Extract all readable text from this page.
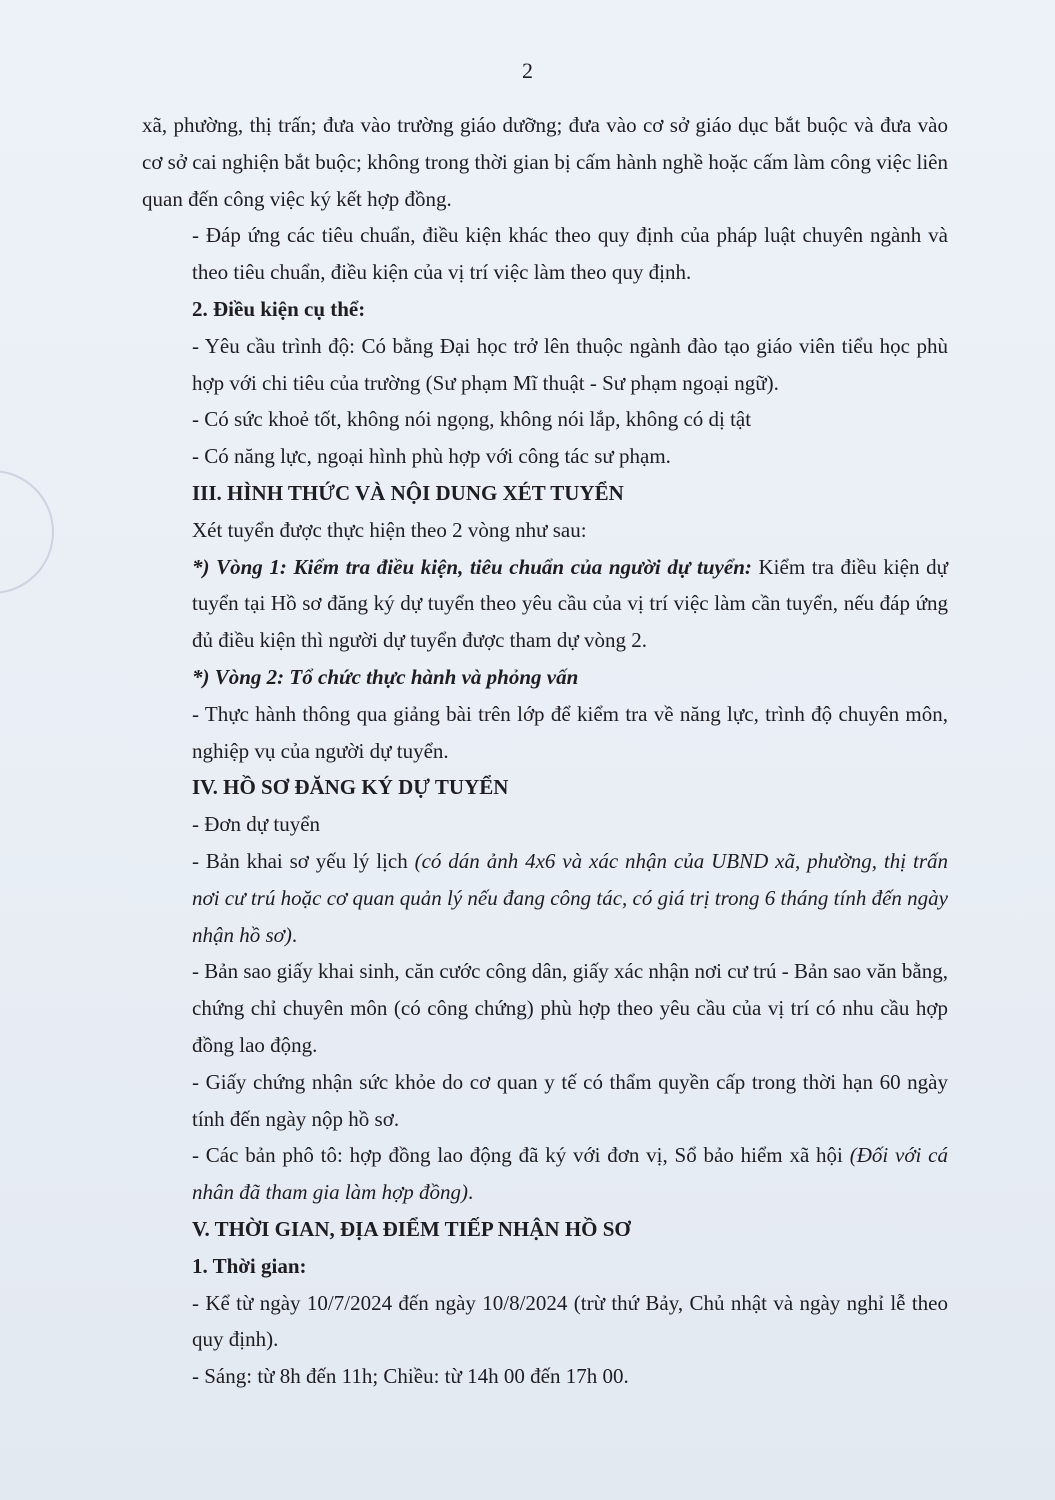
2

xã, phường, thị trấn; đưa vào trường giáo dưỡng; đưa vào cơ sở giáo dục bắt buộc và đưa vào cơ sở cai nghiện bắt buộc; không trong thời gian bị cấm hành nghề hoặc cấm làm công việc liên quan đến công việc ký kết hợp đồng.

- Đáp ứng các tiêu chuẩn, điều kiện khác theo quy định của pháp luật chuyên ngành và theo tiêu chuẩn, điều kiện của vị trí việc làm theo quy định.

2. Điều kiện cụ thể:

- Yêu cầu trình độ: Có bằng Đại học trở lên thuộc ngành đào tạo giáo viên tiểu học phù hợp với chi tiêu của trường (Sư phạm Mĩ thuật - Sư phạm ngoại ngữ).

- Có sức khoẻ tốt, không nói ngọng, không nói lắp, không có dị tật

- Có năng lực, ngoại hình phù hợp với công tác sư phạm.

III. HÌNH THỨC VÀ NỘI DUNG XÉT TUYỂN

Xét tuyển được thực hiện theo 2 vòng như sau:

*) Vòng 1: Kiểm tra điều kiện, tiêu chuẩn của người dự tuyển: Kiểm tra điều kiện dự tuyển tại Hồ sơ đăng ký dự tuyển theo yêu cầu của vị trí việc làm cần tuyển, nếu đáp ứng đủ điều kiện thì người dự tuyển được tham dự vòng 2.

*) Vòng 2: Tổ chức thực hành và phỏng vấn

- Thực hành thông qua giảng bài trên lớp để kiểm tra về năng lực, trình độ chuyên môn, nghiệp vụ của người dự tuyển.

IV. HỒ SƠ ĐĂNG KÝ DỰ TUYỂN

- Đơn dự tuyển

- Bản khai sơ yếu lý lịch (có dán ảnh 4x6 và xác nhận của UBND xã, phường, thị trấn nơi cư trú hoặc cơ quan quản lý nếu đang công tác, có giá trị trong 6 tháng tính đến ngày nhận hồ sơ).

- Bản sao giấy khai sinh, căn cước công dân, giấy xác nhận nơi cư trú - Bản sao văn bằng, chứng chỉ chuyên môn (có công chứng) phù hợp theo yêu cầu của vị trí có nhu cầu hợp đồng lao động.

- Giấy chứng nhận sức khỏe do cơ quan y tế có thẩm quyền cấp trong thời hạn 60 ngày tính đến ngày nộp hồ sơ.

- Các bản phô tô: hợp đồng lao động đã ký với đơn vị, Sổ bảo hiểm xã hội (Đối với cá nhân đã tham gia làm hợp đồng).

V. THỜI GIAN, ĐỊA ĐIỂM TIẾP NHẬN HỒ SƠ

1. Thời gian:

- Kể từ ngày 10/7/2024 đến ngày 10/8/2024 (trừ thứ Bảy, Chủ nhật và ngày nghỉ lễ theo quy định).

- Sáng: từ 8h đến 11h; Chiều: từ 14h 00 đến 17h 00.
